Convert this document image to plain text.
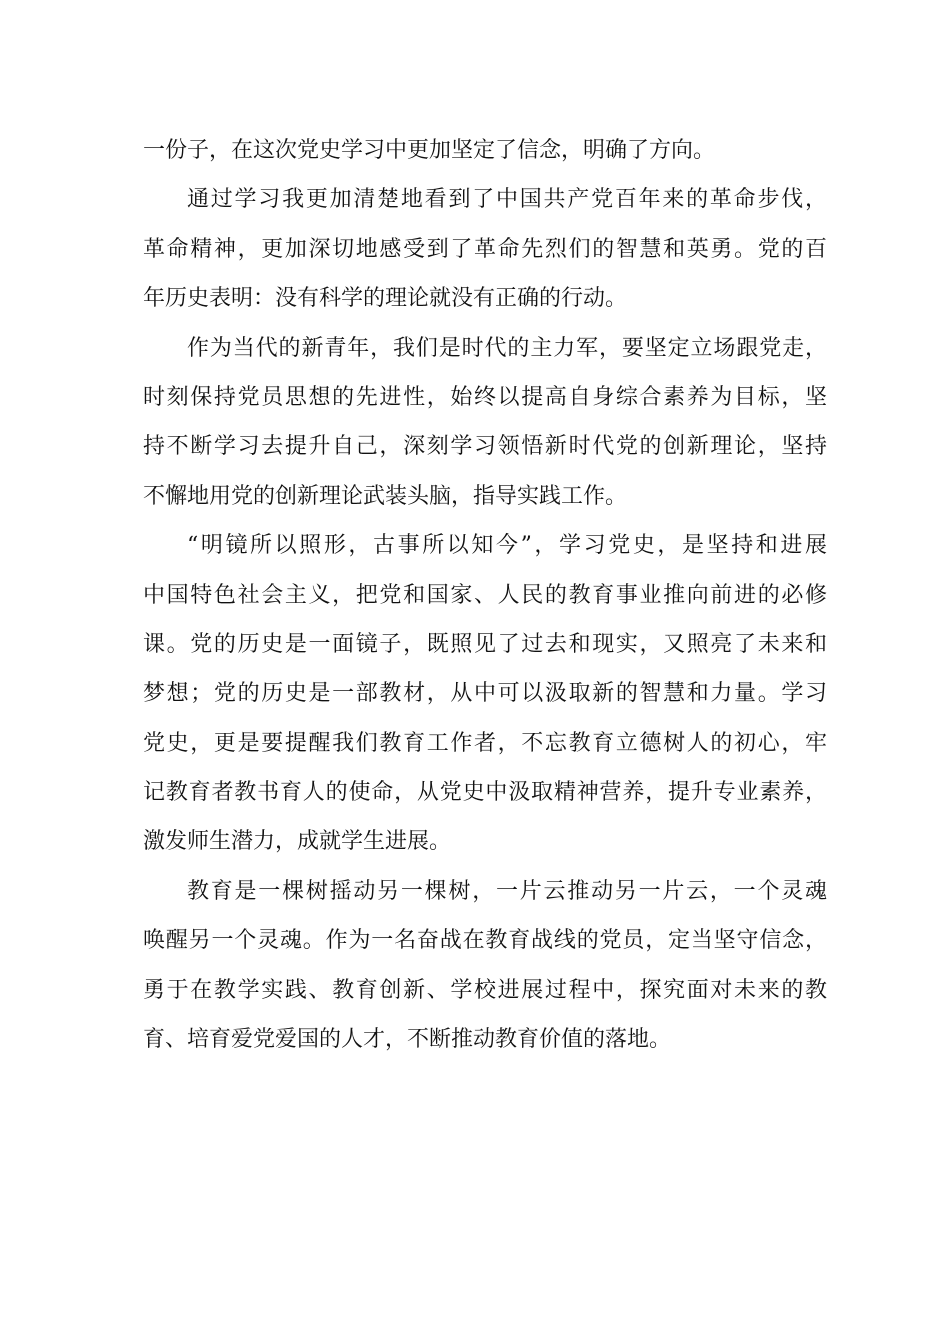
一份子，在这次党史学习中更加坚定了信念，明确了方向。
通过学习我更加清楚地看到了中国共产党百年来的革命步伐，
革命精神，更加深切地感受到了革命先烈们的智慧和英勇。党的百
年历史表明：没有科学的理论就没有正确的行动。
作为当代的新青年，我们是时代的主力军，要坚定立场跟党走，
时刻保持党员思想的先进性，始终以提高自身综合素养为目标，坚
持不断学习去提升自己，深刻学习领悟新时代党的创新理论，坚持
不懈地用党的创新理论武装头脑，指导实践工作。
“明镜所以照形，古事所以知今”，学习党史，是坚持和进展
中国特色社会主义，把党和国家、人民的教育事业推向前进的必修
课。党的历史是一面镜子，既照见了过去和现实，又照亮了未来和
梦想；党的历史是一部教材，从中可以汲取新的智慧和力量。学习
党史，更是要提醒我们教育工作者，不忘教育立德树人的初心，牢
记教育者教书育人的使命，从党史中汲取精神营养，提升专业素养，
激发师生潜力，成就学生进展。
教育是一棵树摇动另一棵树，一片云推动另一片云，一个灵魂
唤醒另一个灵魂。作为一名奋战在教育战线的党员，定当坚守信念，
勇于在教学实践、教育创新、学校进展过程中，探究面对未来的教
育、培育爱党爱国的人才，不断推动教育价值的落地。
